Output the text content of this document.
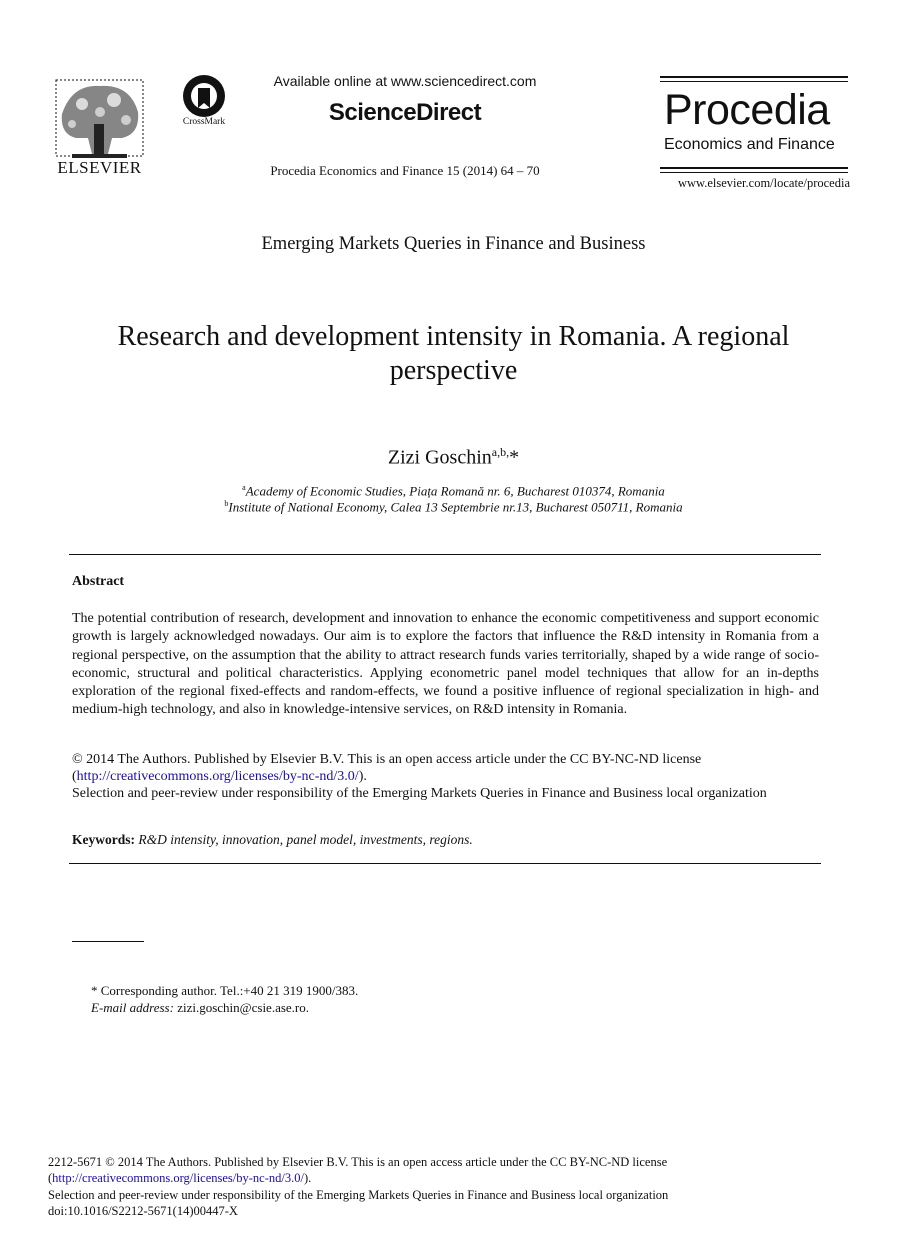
ELSEVIER
CrossMark
Available online at www.sciencedirect.com
ScienceDirect
Procedia Economics and Finance 15 (2014) 64 – 70
Procedia
Economics and Finance
www.elsevier.com/locate/procedia
Emerging Markets Queries in Finance and Business
Research and development intensity in Romania. A regional
perspective
Zizi Goschin$^{a,b,}$*
$^a$Academy of Economic Studies, Piața Romană nr. 6, Bucharest 010374, Romania
$^b$Institute of National Economy, Calea 13 Septembrie nr.13, Bucharest 050711, Romania
Abstract
The potential contribution of research, development and innovation to enhance the economic competitiveness and support economic growth is largely acknowledged nowadays. Our aim is to explore the factors that influence the R&D intensity in Romania from a regional perspective, on the assumption that the ability to attract research funds varies territorially, shaped by a wide range of socio-economic, structural and political characteristics. Applying econometric panel model techniques that allow for an in-depths exploration of the regional fixed-effects and random-effects, we found a positive influence of regional specialization in high- and medium-high technology, and also in knowledge-intensive services, on R&D intensity in Romania.
© 2014 The Authors. Published by Elsevier B.V. This is an open access article under the CC BY-NC-ND license
(http://creativecommons.org/licenses/by-nc-nd/3.0/).
Selection and peer-review under responsibility of the Emerging Markets Queries in Finance and Business local organization
Keywords: R&D intensity, innovation, panel model, investments, regions.
* Corresponding author. Tel.:+40 21 319 1900/383.
E-mail address: zizi.goschin@csie.ase.ro.
2212-5671 © 2014 The Authors. Published by Elsevier B.V. This is an open access article under the CC BY-NC-ND license
(http://creativecommons.org/licenses/by-nc-nd/3.0/).
Selection and peer-review under responsibility of the Emerging Markets Queries in Finance and Business local organization
doi:10.1016/S2212-5671(14)00447-X
